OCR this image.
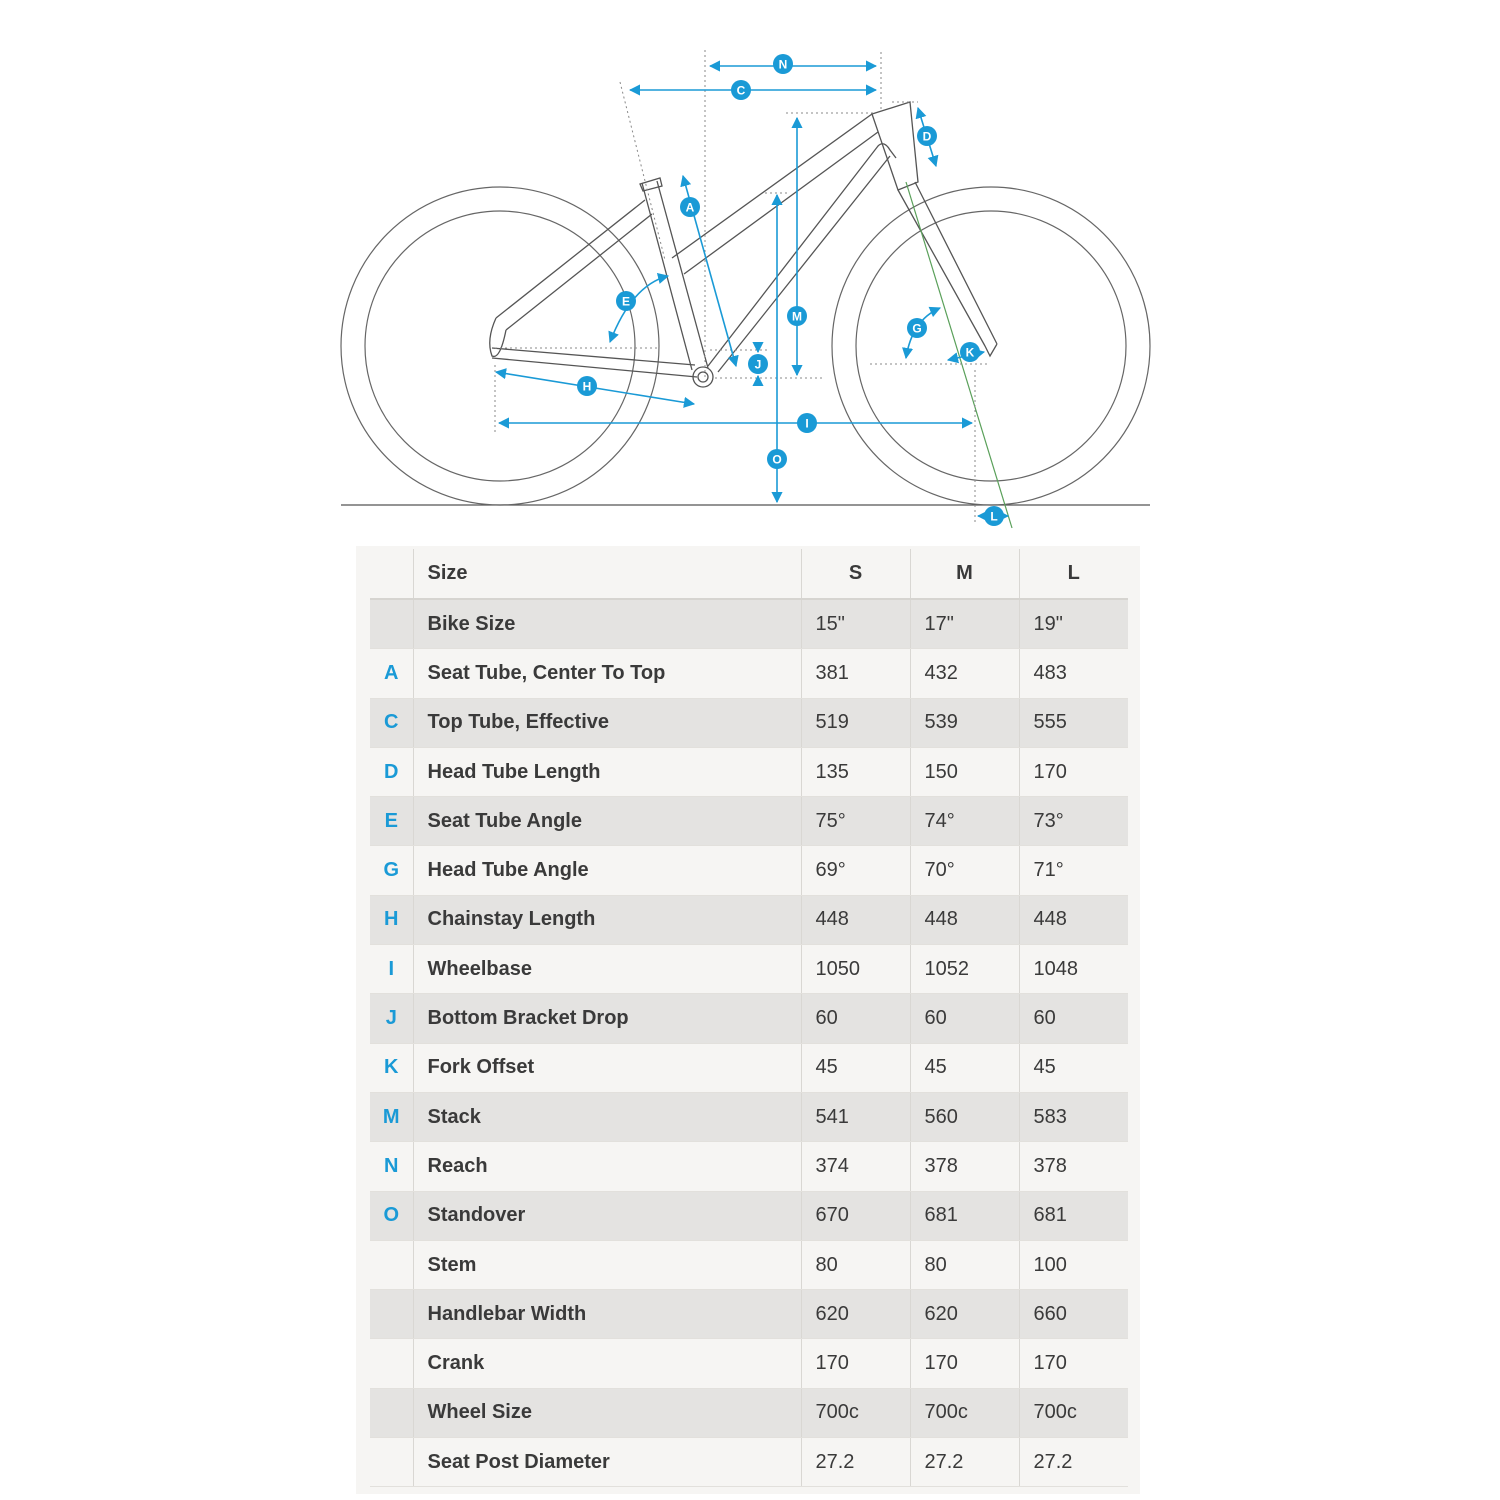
N
C
D
A
E
M
G
K
J
H
I
O
L
	Size	S	M	L
	Bike Size	15"	17"	19"
A	Seat Tube, Center To Top	381	432	483
C	Top Tube, Effective	519	539	555
D	Head Tube Length	135	150	170
E	Seat Tube Angle	75°	74°	73°
G	Head Tube Angle	69°	70°	71°
H	Chainstay Length	448	448	448
I	Wheelbase	1050	1052	1048
J	Bottom Bracket Drop	60	60	60
K	Fork Offset	45	45	45
M	Stack	541	560	583
N	Reach	374	378	378
O	Standover	670	681	681
	Stem	80	80	100
	Handlebar Width	620	620	660
	Crank	170	170	170
	Wheel Size	700c	700c	700c
	Seat Post Diameter	27.2	27.2	27.2
